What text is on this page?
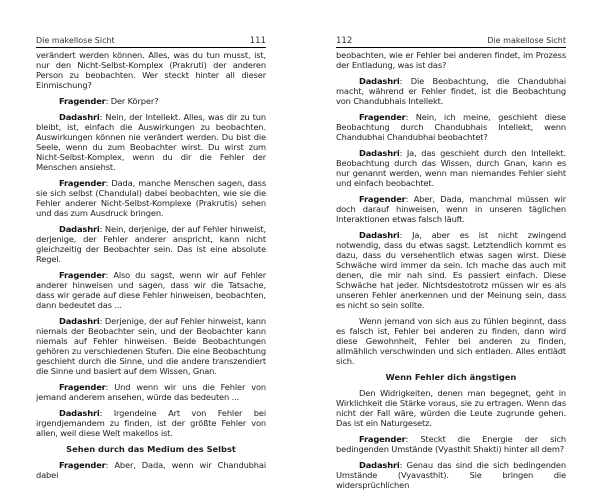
Die makellose Sicht	111

verändert werden können. Alles, was du tun musst, ist, nur den Nicht-Selbst-Komplex (Prakruti) der anderen Person zu beobachten. Wer steckt hinter all dieser Einmischung?

Fragender: Der Körper?

Dadashri: Nein, der Intellekt. Alles, was dir zu tun bleibt, ist, einfach die Auswirkungen zu beobachten. Auswirkungen können nie verändert werden. Du bist die Seele, wenn du zum Beobachter wirst. Du wirst zum Nicht-Selbst-Komplex, wenn du dir die Fehler der Menschen ansiehst.

Fragender: Dada, manche Menschen sagen, dass sie sich selbst (Chandulal) dabei beobachten, wie sie die Fehler anderer Nicht-Selbst-Komplexe (Prakrutis) sehen und das zum Ausdruck bringen.

Dadashri: Nein, derjenige, der auf Fehler hinweist, derjenige, der Fehler anderer anspricht, kann nicht gleichzeitig der Beobachter sein. Das ist eine absolute Regel.

Fragender: Also du sagst, wenn wir auf Fehler anderer hinweisen und sagen, dass wir die Tatsache, dass wir gerade auf diese Fehler hinweisen, beobachten, dann bedeutet das ...

Dadashri: Derjenige, der auf Fehler hinweist, kann niemals der Beobachter sein, und der Beobachter kann niemals auf Fehler hinweisen. Beide Beobachtungen gehören zu verschiedenen Stufen. Die eine Beobachtung geschieht durch die Sinne, und die andere transzendiert die Sinne und basiert auf dem Wissen, Gnan.

Fragender: Und wenn wir uns die Fehler von jemand anderem ansehen, würde das bedeuten ...

Dadashri: Irgendeine Art von Fehler bei irgendjemandem zu finden, ist der größte Fehler von allen, weil diese Welt makellos ist.

Sehen durch das Medium des Selbst

Fragender: Aber, Dada, wenn wir Chandubhai dabei

112	Die makellose Sicht

beobachten, wie er Fehler bei anderen findet, im Prozess der Entladung, was ist das?

Dadashri: Die Beobachtung, die Chandubhai macht, während er Fehler findet, ist die Beobachtung von Chandubhais Intellekt.

Fragender: Nein, ich meine, geschieht diese Beobachtung durch Chandubhais Intellekt, wenn Chandubhai Chandubhai beobachtet?

Dadashri: Ja, das geschieht durch den Intellekt. Beobachtung durch das Wissen, durch Gnan, kann es nur genannt werden, wenn man niemandes Fehler sieht und einfach beobachtet.

Fragender: Aber, Dada, manchmal müssen wir doch darauf hinweisen, wenn in unseren täglichen Interaktionen etwas falsch läuft.

Dadashri: Ja, aber es ist nicht zwingend notwendig, dass du etwas sagst. Letztendlich kommt es dazu, dass du versehentlich etwas sagen wirst. Diese Schwäche wird immer da sein. Ich mache das auch mit denen, die mir nah sind. Es passiert einfach. Diese Schwäche hat jeder. Nichtsdestotrotz müssen wir es als unseren Fehler anerkennen und der Meinung sein, dass es nicht so sein sollte.

Wenn jemand von sich aus zu fühlen beginnt, dass es falsch ist, Fehler bei anderen zu finden, dann wird diese Gewohnheit, Fehler bei anderen zu finden, allmählich verschwinden und sich entladen. Alles entlädt sich.

Wenn Fehler dich ängstigen

Den Widrigkeiten, denen man begegnet, geht in Wirklichkeit die Stärke voraus, sie zu ertragen. Wenn das nicht der Fall wäre, würden die Leute zugrunde gehen. Das ist ein Naturgesetz.

Fragender: Steckt die Energie der sich bedingenden Umstände (Vyasthit Shakti) hinter all dem?

Dadashri: Genau das sind die sich bedingenden Umstände (Vyavasthit). Sie bringen die widersprüchlichen
